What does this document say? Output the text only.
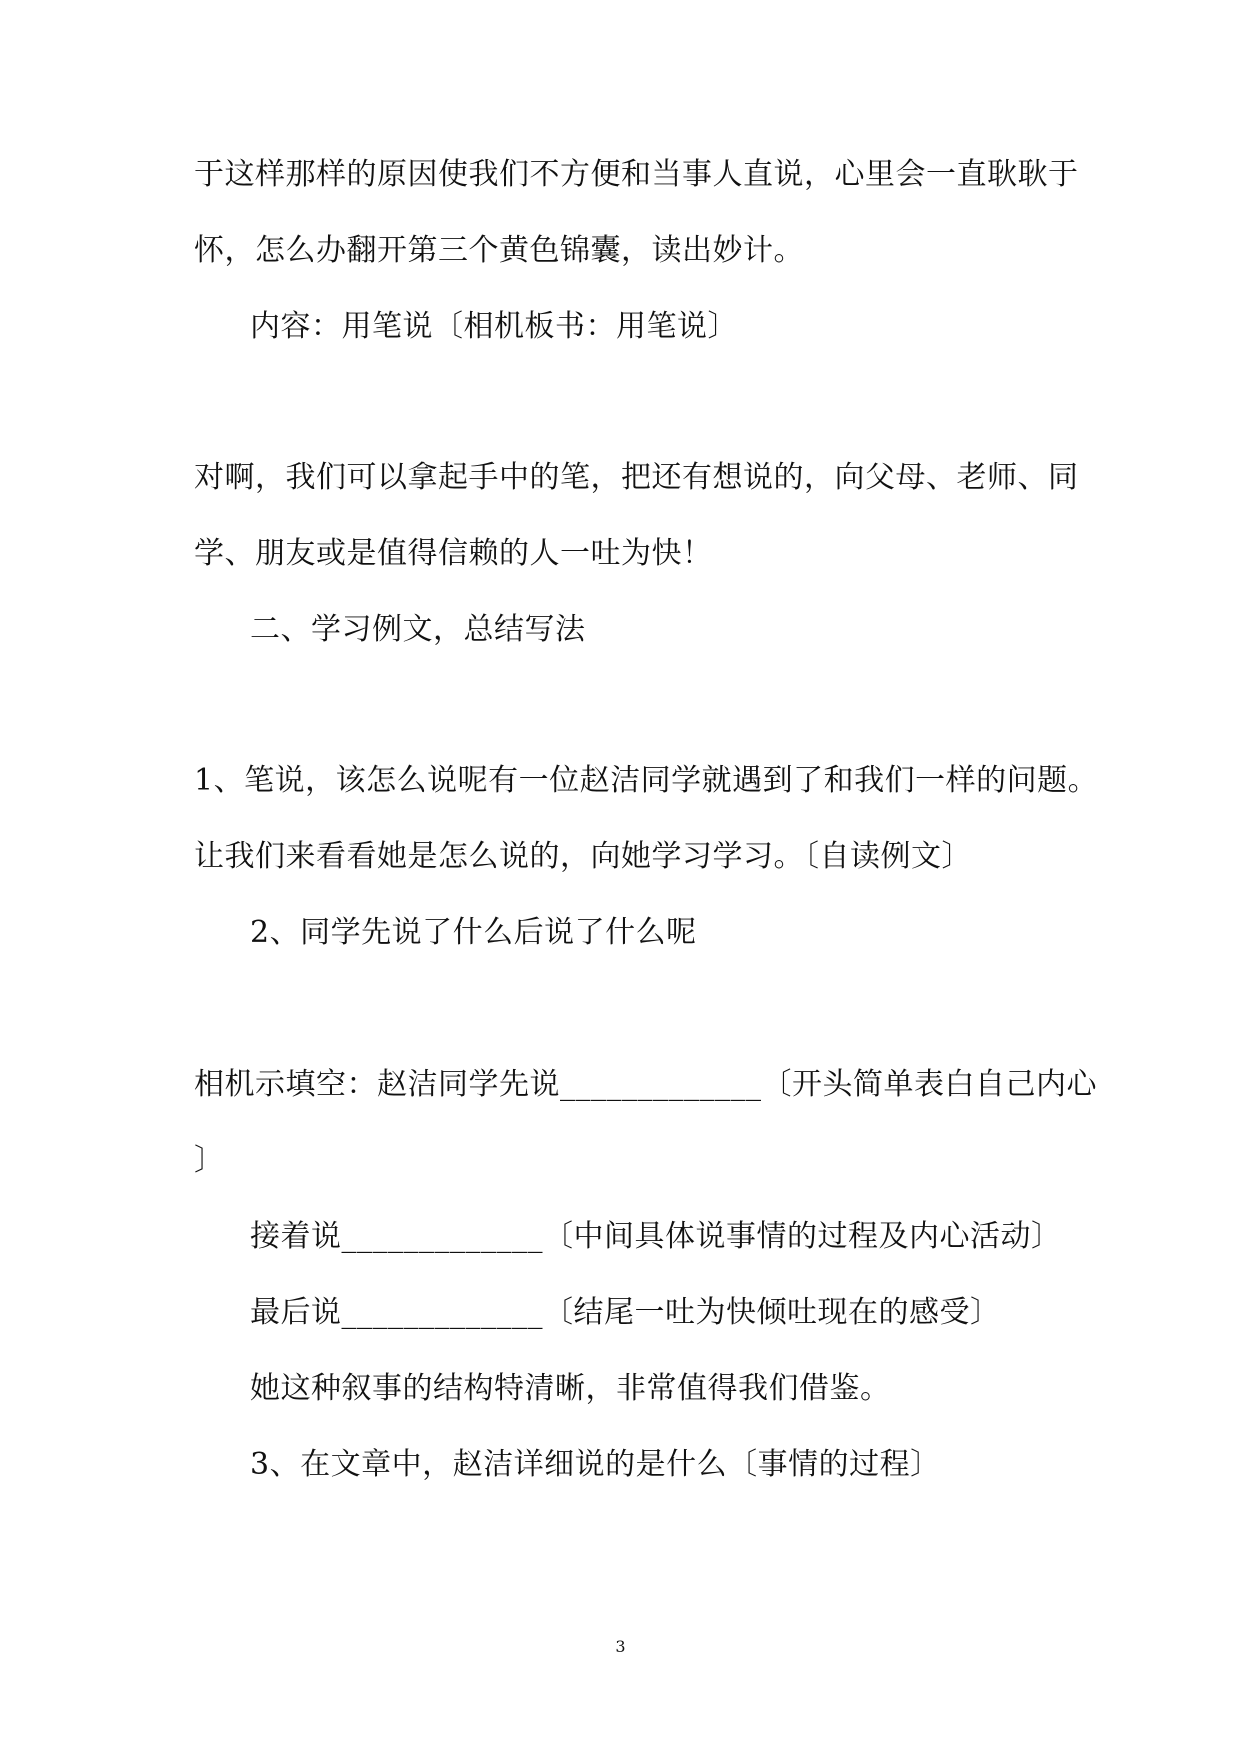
于这样那样的原因使我们不方便和当事人直说，心里会一直耿耿于
怀，怎么办翻开第三个黄色锦囊，读出妙计。
内容：用笔说〔相机板书：用笔说〕
对啊，我们可以拿起手中的笔，把还有想说的，向父母、老师、同
学、朋友或是值得信赖的人一吐为快！
二、学习例文，总结写法
1、笔说，该怎么说呢有一位赵洁同学就遇到了和我们一样的问题。
让我们来看看她是怎么说的，向她学习学习。〔自读例文〕
2、同学先说了什么后说了什么呢
相机示填空：赵洁同学先说_____________〔开头简单表白自己内心
〕
接着说_____________〔中间具体说事情的过程及内心活动〕
最后说_____________〔结尾一吐为快倾吐现在的感受〕
她这种叙事的结构特清晰，非常值得我们借鉴。
3、在文章中，赵洁详细说的是什么〔事情的过程〕
3
